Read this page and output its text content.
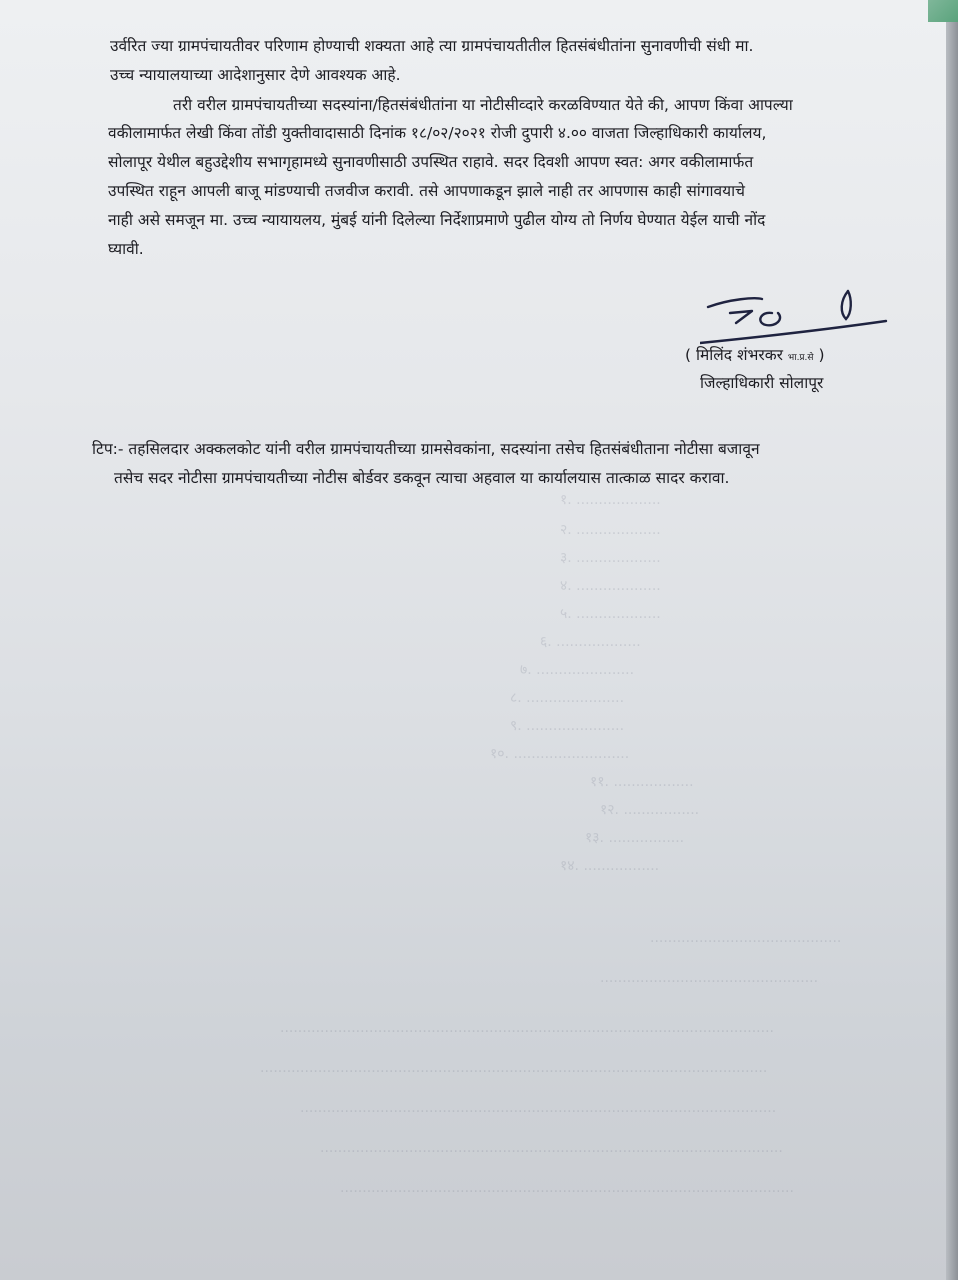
१. ...................
२. ...................
३. ...................
४. ...................
५. ...................
६. ...................
७. ......................
८. ......................
९. ......................
१०. ..........................
११. ..................
१२. .................
१३. .................
१४. .................
...........................................
.................................................
...............................................................................................................
..................................................................................................................
...........................................................................................................
........................................................................................................
......................................................................................................
उर्वरित ज्या ग्रामपंचायतीवर परिणाम होण्याची शक्यता आहे त्या ग्रामपंचायतीतील हितसंबंधीतांना सुनावणीची संधी मा.
उच्च न्यायालयाच्या आदेशानुसार देणे आवश्यक आहे.
तरी वरील ग्रामपंचायतीच्या सदस्यांना/हितसंबंधीतांना या नोटीसीव्दारे करळविण्यात येते की, आपण किंवा आपल्या
वकीलामार्फत लेखी किंवा तोंडी युक्तीवादासाठी दिनांक १८/०२/२०२१ रोजी दुपारी ४.०० वाजता जिल्हाधिकारी कार्यालय,
सोलापूर येथील बहुउद्देशीय सभागृहामध्ये सुनावणीसाठी उपस्थित राहावे. सदर दिवशी आपण स्वत: अगर वकीलामार्फत
उपस्थित राहून आपली बाजू मांडण्याची तजवीज करावी. तसे आपणाकडून झाले नाही तर आपणास काही सांगावयाचे
नाही असे समजून मा. उच्च न्यायायलय, मुंबई यांनी दिलेल्या निर्देशाप्रमाणे पुढील योग्य तो निर्णय घेण्यात येईल याची नोंद
घ्यावी.
( मिलिंद शंभरकर भा.प्र.से )
जिल्हाधिकारी सोलापूर
टिप:- तहसिलदार अक्कलकोट यांनी वरील ग्रामपंचायतीच्या ग्रामसेवकांना, सदस्यांना तसेच हितसंबंधीताना नोटीसा बजावून
तसेच सदर नोटीसा ग्रामपंचायतीच्या नोटीस बोर्डवर डकवून त्याचा अहवाल या कार्यालयास तात्काळ सादर करावा.
